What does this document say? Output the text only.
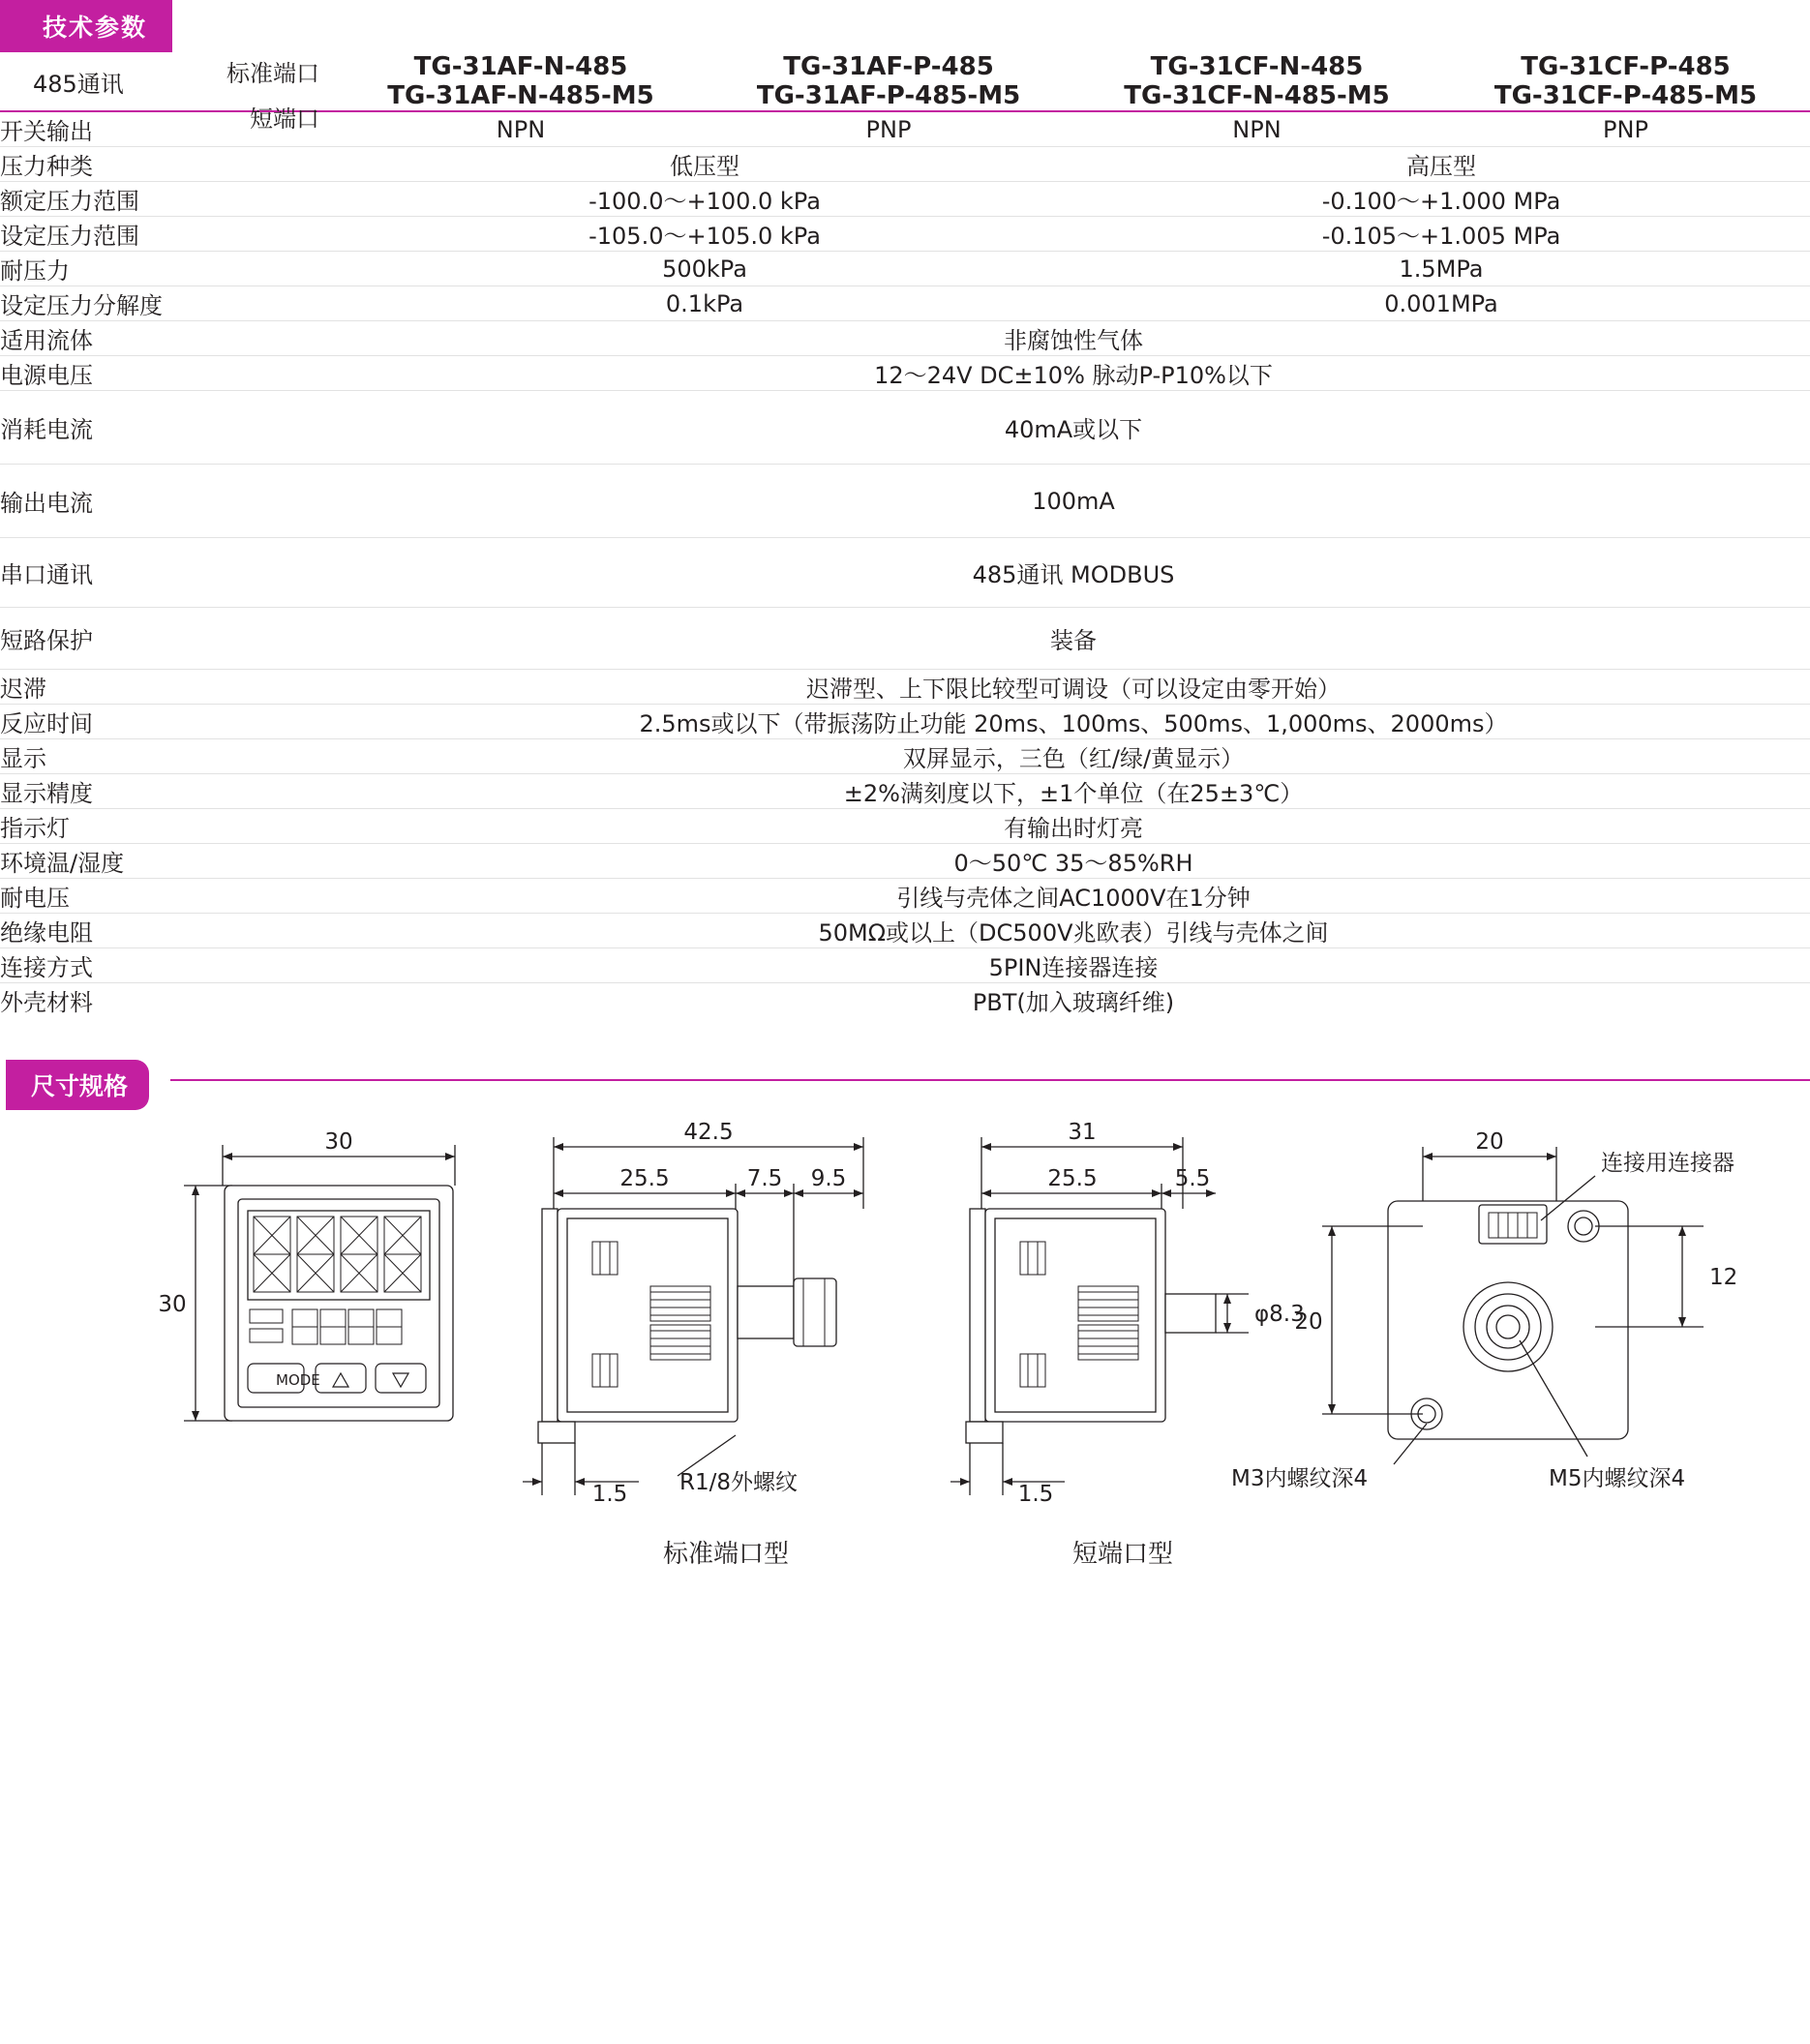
技术参数
485通讯	TG-31AF-N-485	TG-31AF-P-485	TG-31CF-N-485	TG-31CF-P-485
	TG-31AF-N-485-M5	TG-31AF-P-485-M5	TG-31CF-N-485-M5	TG-31CF-P-485-M5
标准端口
短端口
开关输出	NPN	PNP	NPN	PNP
压力种类	低压型		高压型	
额定压力范围	-100.0～+100.0 kPa		-0.100～+1.000 MPa	
设定压力范围	-105.0～+105.0 kPa		-0.105～+1.005 MPa	
耐压力	500kPa		1.5MPa	
设定压力分解度	0.1kPa		0.001MPa	
适用流体	非腐蚀性气体			
电源电压	12～24V DC±10% 脉动P-P10%以下			
消耗电流	40mA或以下			
输出电流	100mA			
串口通讯	485通讯 MODBUS			
短路保护	装备			
迟滞	迟滞型、上下限比较型可调设（可以设定由零开始）			
反应时间	2.5ms或以下（带振荡防止功能 20ms、100ms、500ms、1,000ms、2000ms）			
显示	双屏显示，三色（红/绿/黄显示）			
显示精度	±2%满刻度以下，±1个单位（在25±3℃）			
指示灯	有输出时灯亮			
环境温/湿度	0～50℃ 35～85%RH			
耐电压	引线与壳体之间AC1000V在1分钟			
绝缘电阻	50MΩ或以上（DC500V兆欧表）引线与壳体之间			
连接方式	5PIN连接器连接			
外壳材料	PBT(加入玻璃纤维)			
尺寸规格
30
30
MODE
42.5
25.5	7.5 9.5
1.5 R1/8外螺纹
31
25.5	5.5
1.5
φ8.3
20
20
12
连接用连接器
M3内螺纹深4	M5内螺纹深4
标准端口型	短端口型
